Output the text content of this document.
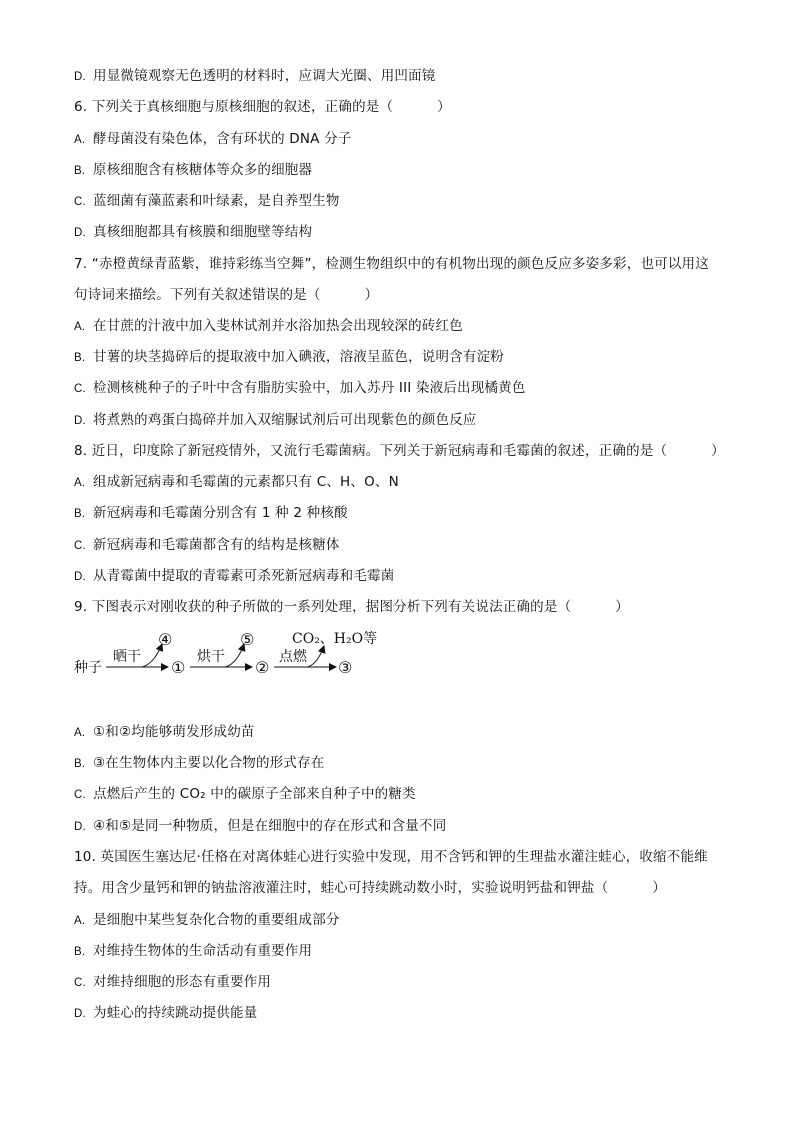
D. 用显微镜观察无色透明的材料时，应调大光圈、用凹面镜
6. 下列关于真核细胞与原核细胞的叙述，正确的是（	）
A. 酵母菌没有染色体，含有环状的 DNA 分子
B. 原核细胞含有核糖体等众多的细胞器
C. 蓝细菌有藻蓝素和叶绿素，是自养型生物
D. 真核细胞都具有核膜和细胞壁等结构
7. “赤橙黄绿青蓝紫，谁持彩练当空舞”，检测生物组织中的有机物出现的颜色反应多姿多彩，也可以用这
句诗词来描绘。下列有关叙述错误的是（	）
A. 在甘蔗的汁液中加入斐林试剂并水浴加热会出现较深的砖红色
B. 甘薯的块茎捣碎后的提取液中加入碘液，溶液呈蓝色，说明含有淀粉
C. 检测核桃种子的子叶中含有脂肪实验中，加入苏丹 III 染液后出现橘黄色
D. 将煮熟的鸡蛋白捣碎并加入双缩脲试剂后可出现紫色的颜色反应
8. 近日，印度除了新冠疫情外，又流行毛霉菌病。下列关于新冠病毒和毛霉菌的叙述，正确的是（	）
A. 组成新冠病毒和毛霉菌的元素都只有 C、H、O、N
B. 新冠病毒和毛霉菌分别含有 1 种 2 种核酸
C. 新冠病毒和毛霉菌都含有的结构是核糖体
D. 从青霉菌中提取的青霉素可杀死新冠病毒和毛霉菌
9. 下图表示对刚收获的种子所做的一系列处理，据图分析下列有关说法正确的是（	）
种子
晒干	烘干	点燃
①	②	③
④	⑤	CO₂、H₂O等
A. ①和②均能够萌发形成幼苗
B. ③在生物体内主要以化合物的形式存在
C. 点燃后产生的 CO₂ 中的碳原子全部来自种子中的糖类
D. ④和⑤是同一种物质，但是在细胞中的存在形式和含量不同
10. 英国医生塞达尼·任格在对离体蛙心进行实验中发现，用不含钙和钾的生理盐水灌注蛙心，收缩不能维
持。用含少量钙和钾的钠盐溶液灌注时，蛙心可持续跳动数小时，实验说明钙盐和钾盐（	）
A. 是细胞中某些复杂化合物的重要组成部分
B. 对维持生物体的生命活动有重要作用
C. 对维持细胞的形态有重要作用
D. 为蛙心的持续跳动提供能量
